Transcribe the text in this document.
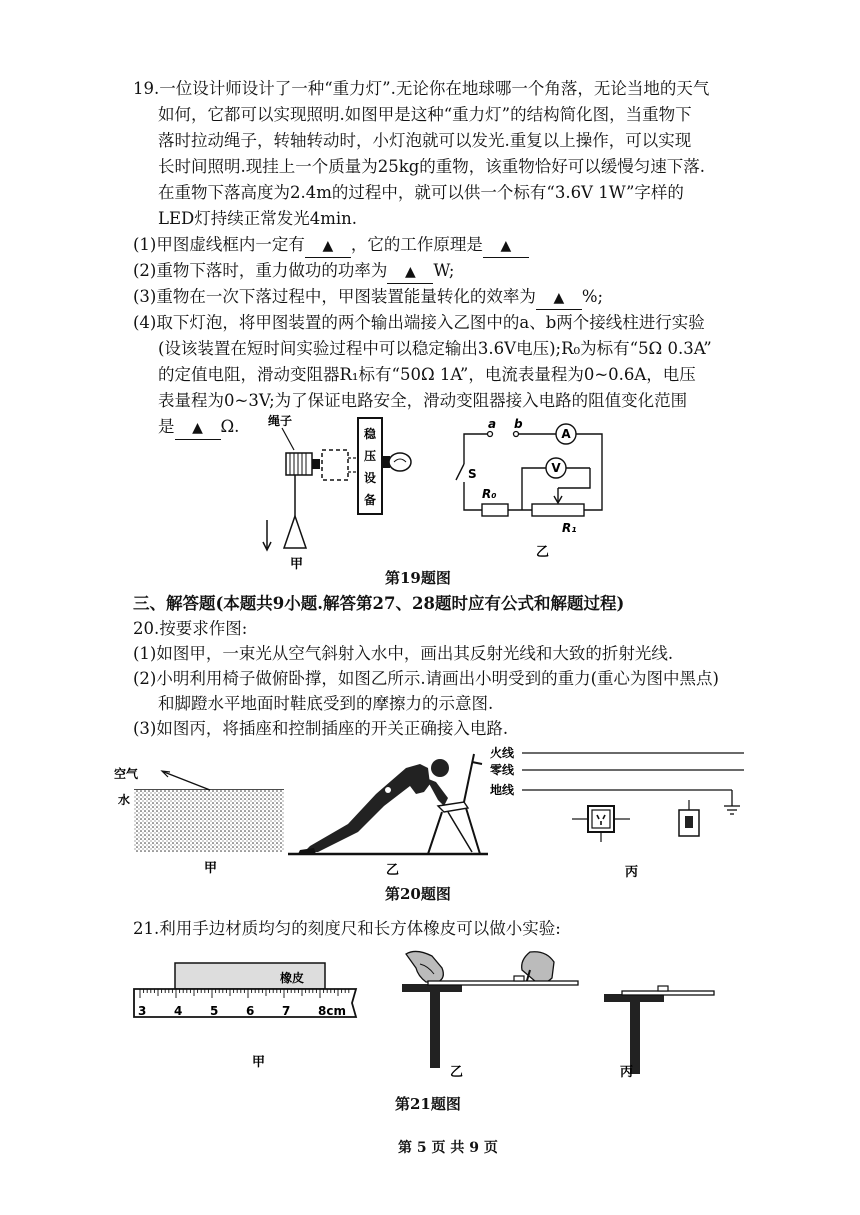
19.一位设计师设计了一种“重力灯”.无论你在地球哪一个角落，无论当地的天气
如何，它都可以实现照明.如图甲是这种“重力灯”的结构简化图，当重物下
落时拉动绳子，转轴转动时，小灯泡就可以发光.重复以上操作，可以实现
长时间照明.现挂上一个质量为25kg的重物，该重物恰好可以缓慢匀速下落.
在重物下落高度为2.4m的过程中，就可以供一个标有“3.6V 1W”字样的
LED灯持续正常发光4min.
(1)甲图虚线框内一定有 ▲ ，它的工作原理是 ▲
(2)重物下落时，重力做功的功率为 ▲ W;
(3)重物在一次下落过程中，甲图装置能量转化的效率为 ▲ %;
(4)取下灯泡，将甲图装置的两个输出端接入乙图中的a、b两个接线柱进行实验
(设该装置在短时间实验过程中可以稳定输出3.6V电压);R₀为标有“5Ω 0.3A”
的定值电阻，滑动变阻器R₁标有“50Ω 1A”，电流表量程为0~0.6A，电压
表量程为0~3V;为了保证电路安全，滑动变阻器接入电路的阻值变化范围
是 ▲ Ω. 绳子
稳
压
设
备
甲
a b
S
R₀
A
V
R₁
乙
第19题图
三、解答题(本题共9小题.解答第27、28题时应有公式和解题过程)
20.按要求作图:
(1)如图甲，一束光从空气斜射入水中，画出其反射光线和大致的折射光线.
(2)小明利用椅子做俯卧撑，如图乙所示.请画出小明受到的重力(重心为图中黑点)
和脚蹬水平地面时鞋底受到的摩擦力的示意图.
(3)如图丙，将插座和控制插座的开关正确接入电路.
空气
水
甲	乙
火线
零线
地线
丙
第20题图
21.利用手边材质均匀的刻度尺和长方体橡皮可以做小实验:
橡皮
3 4 5 6 7 8cm
甲
乙	丙
第21题图
第 5 页 共 9 页
